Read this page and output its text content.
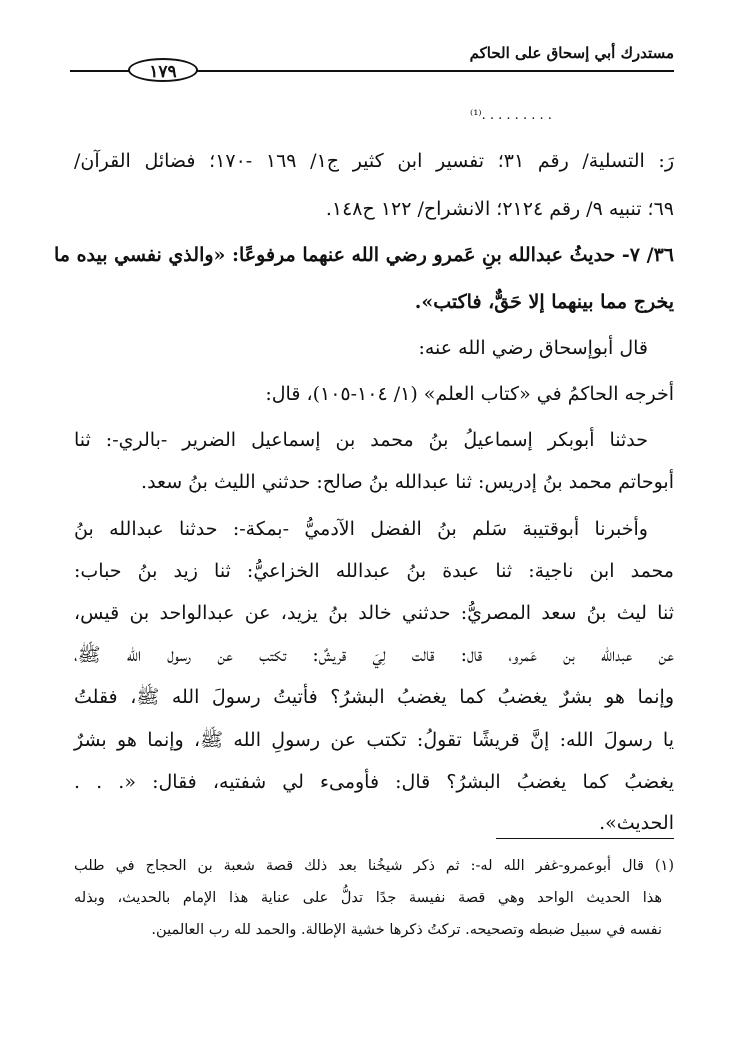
مستدرك أبي إسحاق على الحاكم
١٧٩
. . . . . . . . .⁽¹⁾
رَ: التسلية/ رقم ٣١؛ تفسير ابن كثير ج١/ ١٦٩ -١٧٠؛ فضائل القرآن/
٦٩؛ تنبيه ٩/ رقم ٢١٢٤؛ الانشراح/ ١٢٢ ح١٤٨.
٣٦/ ٧- حديثُ عبدالله بنِ عَمرو رضي الله عنهما مرفوعًا: «والذي نفسي بيده ما
يخرج مما بينهما إلا حَقٌّ، فاكتب».
قال أبوإسحاق رضي الله عنه:
أخرجه الحاكمُ في «كتاب العلم» (١/ ١٠٤-١٠٥)، قال:
حدثنا أبوبكر إسماعيلُ بنُ محمد بن إسماعيل الضرير -بالري-: ثنا
أبوحاتم محمد بنُ إدريس: ثنا عبدالله بنُ صالح: حدثني الليث بنُ سعد.
وأخبرنا أبوقتيبة سَلم بنُ الفضل الآدميُّ -بمكة-: حدثنا عبدالله بنُ
محمد ابن ناجية: ثنا عبدة بنُ عبدالله الخزاعيُّ: ثنا زيد بنُ حباب:
ثنا ليث بنُ سعد المصريُّ: حدثني خالد بنُ يزيد، عن عبدالواحد بن قيس،
عن عبدالله بن عَمرو، قال: قالت لِيَ قريشٌ: تكتب عن رسول الله ﷺ،
وإنما هو بشرٌ يغضبُ كما يغضبُ البشرُ؟ فأتيتُ رسولَ الله ﷺ، فقلتُ
يا رسولَ الله: إنَّ قريشًا تقولُ: تكتب عن رسولِ الله ﷺ، وإنما هو بشرٌ
يغضبُ كما يغضبُ البشرُ؟ قال: فأومىء لي شفتيه، فقال: «. . .
الحديث».
(١) قال أبوعمرو-غفر الله له-: ثم ذكر شيخُنا بعد ذلك قصة شعبة بن الحجاج في طلب
هذا الحديث الواحد وهي قصة نفيسة جدًا تدلُّ على عناية هذا الإمام بالحديث، وبذله
نفسه في سبيل ضبطه وتصحيحه. تركتُ ذكرها خشية الإطالة. والحمد لله رب العالمين.
